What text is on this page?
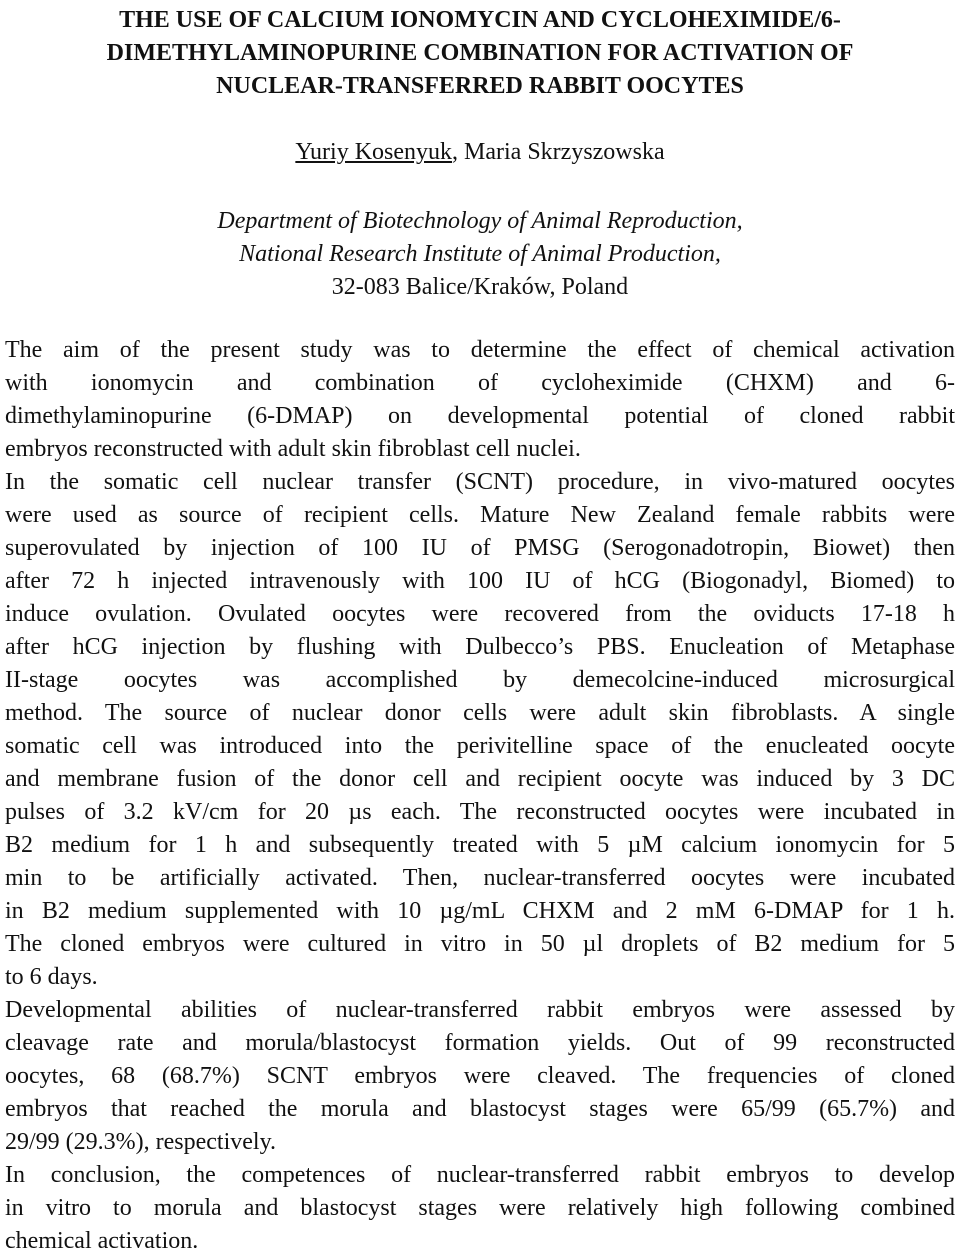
THE USE OF CALCIUM IONOMYCIN AND CYCLOHEXIMIDE/6-
DIMETHYLAMINOPURINE COMBINATION FOR ACTIVATION OF
NUCLEAR-TRANSFERRED RABBIT OOCYTES
Yuriy Kosenyuk, Maria Skrzyszowska
Department of Biotechnology of Animal Reproduction,
National Research Institute of Animal Production,
32-083 Balice/Kraków, Poland

The aim of the present study was to determine the effect of chemical activation
with ionomycin and combination of cycloheximide (CHXM) and 6-
dimethylaminopurine (6-DMAP) on developmental potential of cloned rabbit
embryos reconstructed with adult skin fibroblast cell nuclei.

In the somatic cell nuclear transfer (SCNT) procedure, in vivo-matured oocytes
were used as source of recipient cells. Mature New Zealand female rabbits were
superovulated by injection of 100 IU of PMSG (Serogonadotropin, Biowet) then
after 72 h injected intravenously with 100 IU of hCG (Biogonadyl, Biomed) to
induce ovulation. Ovulated oocytes were recovered from the oviducts 17-18 h
after hCG injection by flushing with Dulbecco’s PBS. Enucleation of Metaphase
II-stage oocytes was accomplished by demecolcine-induced microsurgical
method. The source of nuclear donor cells were adult skin fibroblasts. A single
somatic cell was introduced into the perivitelline space of the enucleated oocyte
and membrane fusion of the donor cell and recipient oocyte was induced by 3 DC
pulses of 3.2 kV/cm for 20 µs each. The reconstructed oocytes were incubated in
B2 medium for 1 h and subsequently treated with 5 µM calcium ionomycin for 5
min to be artificially activated. Then, nuclear-transferred oocytes were incubated
in B2 medium supplemented with 10 µg/mL CHXM and 2 mM 6-DMAP for 1 h.
The cloned embryos were cultured in vitro in 50 µl droplets of B2 medium for 5
to 6 days.

Developmental abilities of nuclear-transferred rabbit embryos were assessed by
cleavage rate and morula/blastocyst formation yields. Out of 99 reconstructed
oocytes, 68 (68.7%) SCNT embryos were cleaved. The frequencies of cloned
embryos that reached the morula and blastocyst stages were 65/99 (65.7%) and
29/99 (29.3%), respectively.

In conclusion, the competences of nuclear-transferred rabbit embryos to develop
in vitro to morula and blastocyst stages were relatively high following combined
chemical activation.
